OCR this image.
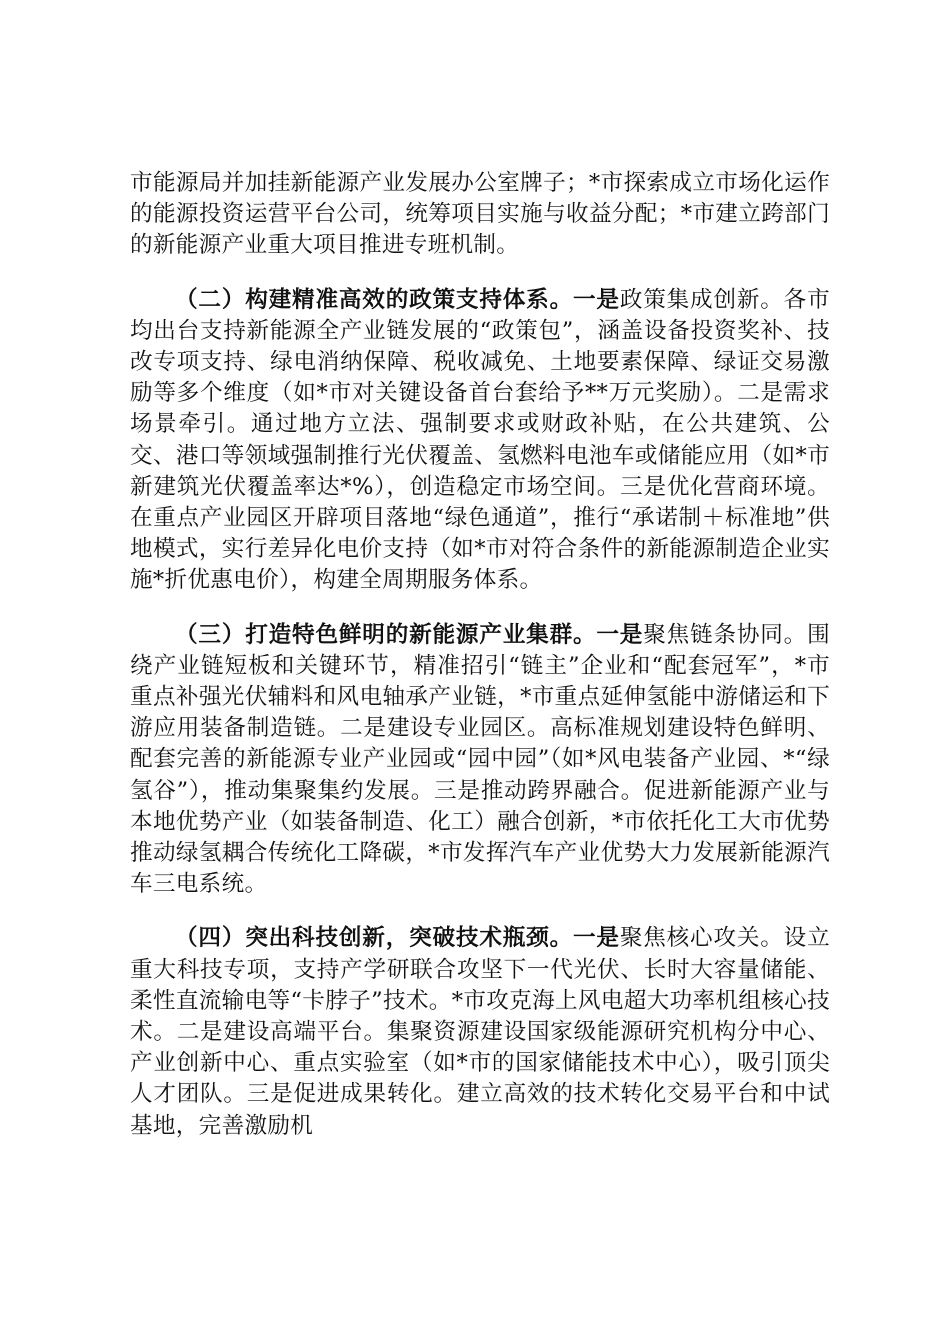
市能源局并加挂新能源产业发展办公室牌子；*市探索成立市场化运作的能源投资运营平台公司，统筹项目实施与收益分配；*市建立跨部门的新能源产业重大项目推进专班机制。

（二）构建精准高效的政策支持体系。一是政策集成创新。各市均出台支持新能源全产业链发展的“政策包”，涵盖设备投资奖补、技改专项支持、绿电消纳保障、税收减免、土地要素保障、绿证交易激励等多个维度（如*市对关键设备首台套给予**万元奖励）。二是需求场景牵引。通过地方立法、强制要求或财政补贴，在公共建筑、公交、港口等领域强制推行光伏覆盖、氢燃料电池车或储能应用（如*市新建筑光伏覆盖率达*%），创造稳定市场空间。三是优化营商环境。在重点产业园区开辟项目落地“绿色通道”，推行“承诺制＋标准地”供地模式，实行差异化电价支持（如*市对符合条件的新能源制造企业实施*折优惠电价），构建全周期服务体系。

（三）打造特色鲜明的新能源产业集群。一是聚焦链条协同。围绕产业链短板和关键环节，精准招引“链主”企业和“配套冠军”，*市重点补强光伏辅料和风电轴承产业链，*市重点延伸氢能中游储运和下游应用装备制造链。二是建设专业园区。高标准规划建设特色鲜明、配套完善的新能源专业产业园或“园中园”（如*风电装备产业园、*“绿氢谷”），推动集聚集约发展。三是推动跨界融合。促进新能源产业与本地优势产业（如装备制造、化工）融合创新，*市依托化工大市优势推动绿氢耦合传统化工降碳，*市发挥汽车产业优势大力发展新能源汽车三电系统。

（四）突出科技创新，突破技术瓶颈。一是聚焦核心攻关。设立重大科技专项，支持产学研联合攻坚下一代光伏、长时大容量储能、柔性直流输电等“卡脖子”技术。*市攻克海上风电超大功率机组核心技术。二是建设高端平台。集聚资源建设国家级能源研究机构分中心、产业创新中心、重点实验室（如*市的国家储能技术中心），吸引顶尖人才团队。三是促进成果转化。建立高效的技术转化交易平台和中试基地，完善激励机
